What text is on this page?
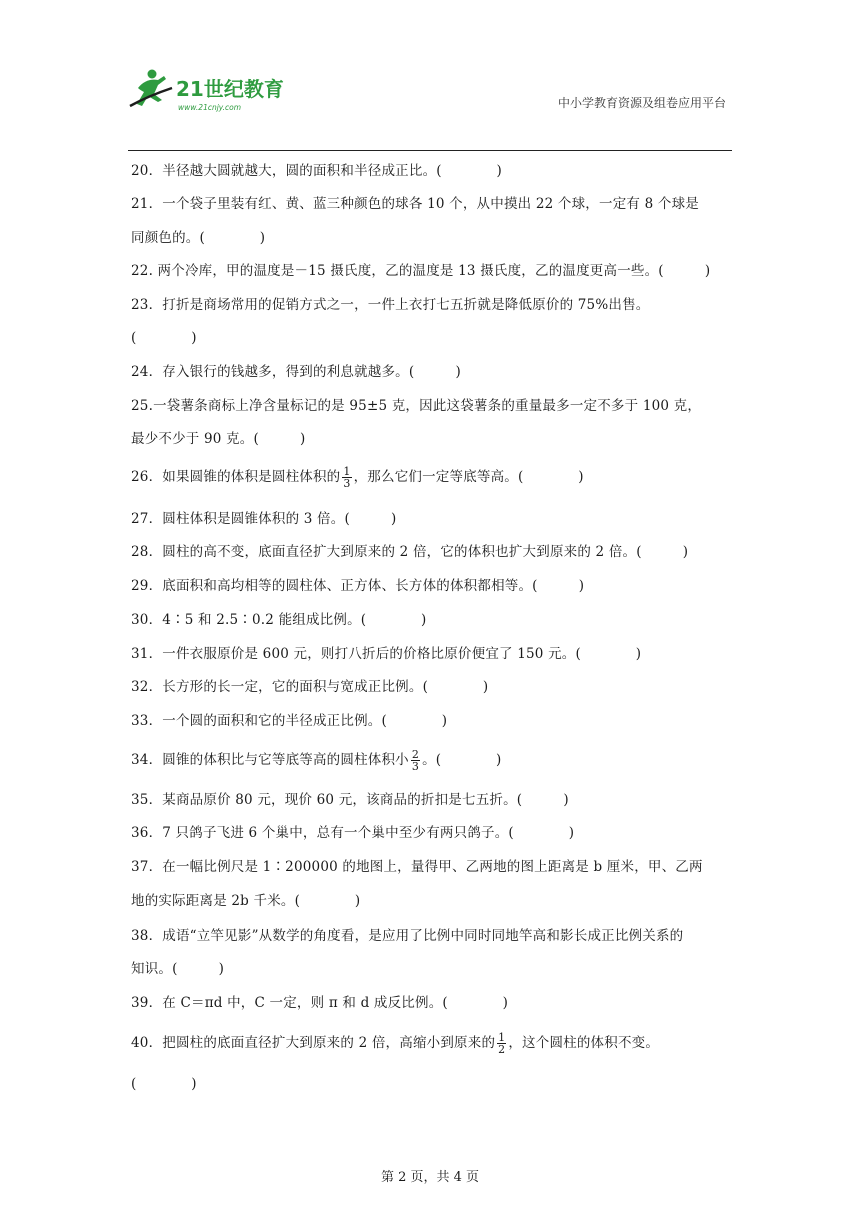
21世纪教育
www.21cnjy.com	中小学教育资源及组卷应用平台
20．半径越大圆就越大，圆的面积和半径成正比。(　　　　)
21．一个袋子里装有红、黄、蓝三种颜色的球各 10 个，从中摸出 22 个球，一定有 8 个球是
同颜色的。(　　　　)
22. 两个冷库，甲的温度是－15 摄氏度，乙的温度是 13 摄氏度，乙的温度更高一些。(　　　)
23．打折是商场常用的促销方式之一，一件上衣打七五折就是降低原价的 75%出售。
(　　　　)
24．存入银行的钱越多，得到的利息就越多。(　　　)
25.一袋薯条商标上净含量标记的是 95±5 克，因此这袋薯条的重量最多一定不多于 100 克，
最少不少于 90 克。(　　　)
26．如果圆锥的体积是圆柱体积的 $\frac{1}{3}$ ，那么它们一定等底等高。(　　　　)
27．圆柱体积是圆锥体积的 3 倍。(　　　)
28．圆柱的高不变，底面直径扩大到原来的 2 倍，它的体积也扩大到原来的 2 倍。(　　　)
29．底面积和高均相等的圆柱体、正方体、长方体的体积都相等。(　　　)
30．4∶5 和 2.5∶0.2 能组成比例。(　　　　)
31．一件衣服原价是 600 元，则打八折后的价格比原价便宜了 150 元。(　　　　)
32．长方形的长一定，它的面积与宽成正比例。(　　　　)
33．一个圆的面积和它的半径成正比例。(　　　　)
34．圆锥的体积比与它等底等高的圆柱体积小 $\frac{2}{3}$ 。(　　　　)
35．某商品原价 80 元，现价 60 元，该商品的折扣是七五折。(　　　)
36．7 只鸽子飞进 6 个巢中，总有一个巢中至少有两只鸽子。(　　　　)
37．在一幅比例尺是 1∶200000 的地图上，量得甲、乙两地的图上距离是 b 厘米，甲、乙两
地的实际距离是 2b 千米。(　　　　)
38．成语“立竿见影”从数学的角度看，是应用了比例中同时同地竿高和影长成正比例关系的
知识。(　　　)
39．在 C＝πd 中，C 一定，则 π 和 d 成反比例。(　　　　)
40．把圆柱的底面直径扩大到原来的 2 倍，高缩小到原来的 $\frac{1}{2}$ ，这个圆柱的体积不变。
(　　　　)
第 2 页，共 4 页
